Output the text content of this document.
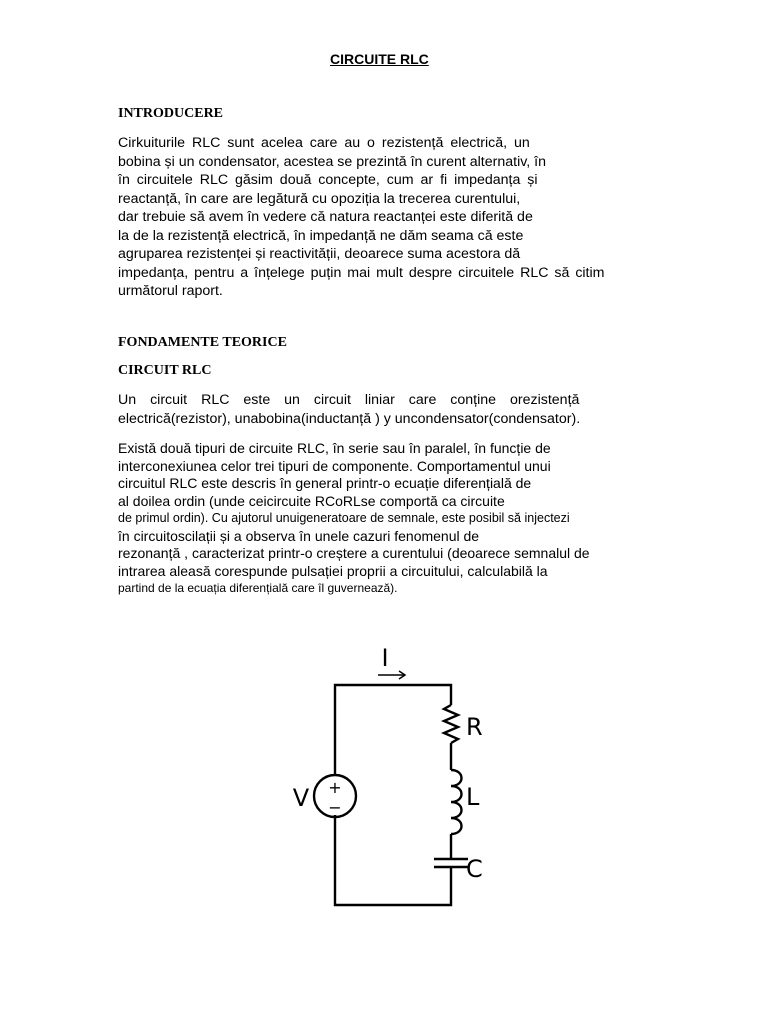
CIRCUITE RLC
INTRODUCERE
Cirkuiturile RLC sunt acelea care au o rezistență electrică, un
bobina și un condensator, acestea se prezintă în curent alternativ, în
în circuitele RLC găsim două concepte, cum ar fi impedanța și
reactanță, în care are legătură cu opoziția la trecerea curentului,
dar trebuie să avem în vedere că natura reactanței este diferită de
la de la rezistență electrică, în impedanță ne dăm seama că este
agruparea rezistenței și reactivității, deoarece suma acestora dă
impedanța, pentru a înțelege puțin mai mult despre circuitele RLC să citim
următorul raport.
FONDAMENTE TEORICE
CIRCUIT RLC
Un circuit RLC este un circuit liniar care conține orezistență
electrică(rezistor), unabobina(inductanță ) y uncondensator(condensator).
Există două tipuri de circuite RLC, în serie sau în paralel, în funcție de
interconexiunea celor trei tipuri de componente. Comportamentul unui
circuitul RLC este descris în general printr-o ecuație diferențială de
al doilea ordin (unde ceicircuite RCoRLse comportă ca circuite
de primul ordin). Cu ajutorul unuigeneratoare de semnale, este posibil să injectezi
în circuitoscilații și a observa în unele cazuri fenomenul de
rezonanță , caracterizat printr-o creștere a curentului (deoarece semnalul de
intrarea aleasă corespunde pulsației proprii a circuitului, calculabilă la
partind de la ecuația diferențială care îl guvernează).
I
V +
−
R
L
C
